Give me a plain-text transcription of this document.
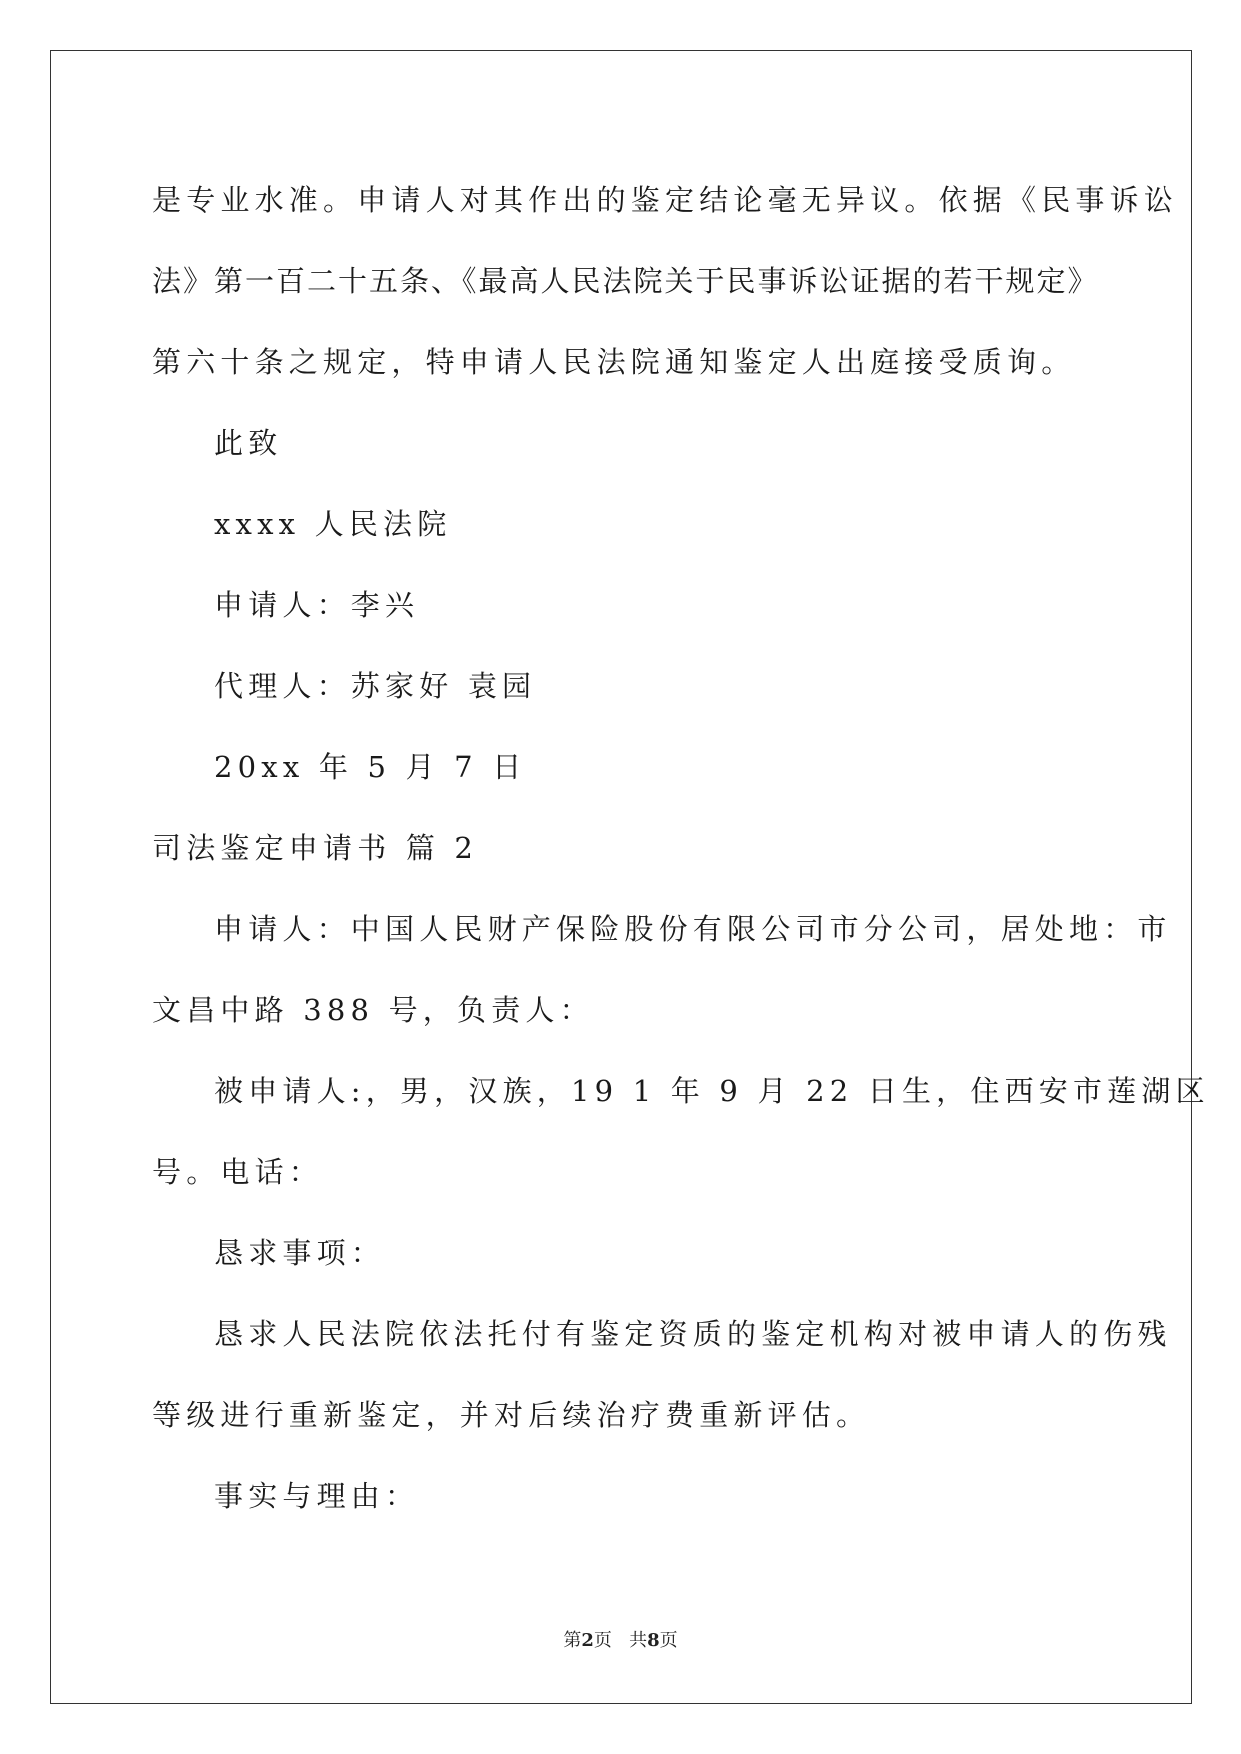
是专业水准。申请人对其作出的鉴定结论毫无异议。依据《民事诉讼
法》第一百二十五条、《最高人民法院关于民事诉讼证据的若干规定》
第六十条之规定，特申请人民法院通知鉴定人出庭接受质询。
此致
xxxx 人民法院
申请人：李兴
代理人：苏家好 袁园
20xx 年 5 月 7 日
司法鉴定申请书 篇 2
申请人：中国人民财产保险股份有限公司市分公司，居处地：市
文昌中路 388 号，负责人：
被申请人:，男，汉族，19 1 年 9 月 22 日生，住西安市莲湖区
号。电话：
恳求事项：
恳求人民法院依法托付有鉴定资质的鉴定机构对被申请人的伤残
等级进行重新鉴定，并对后续治疗费重新评估。
事实与理由：
第2页   共8页
